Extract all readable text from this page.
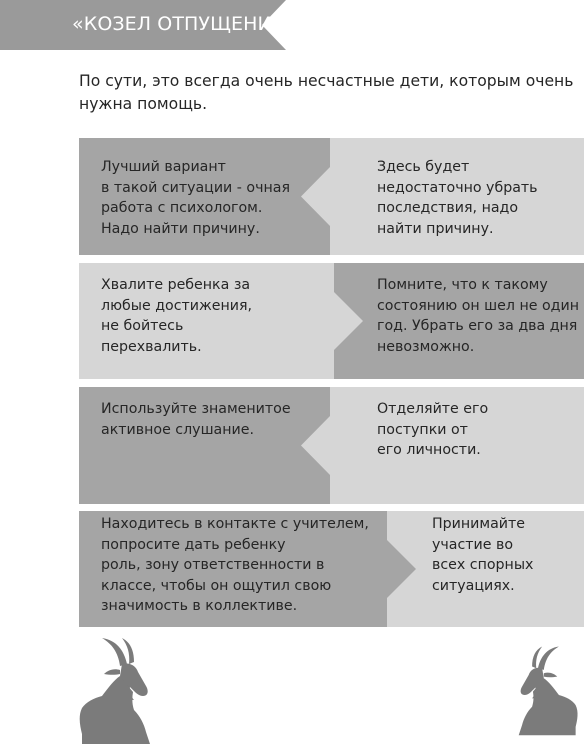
«КОЗЕЛ ОТПУЩЕНИЯ»
По сути, это всегда очень несчастные дети, которым очень нужна помощь.
Лучший вариант
в такой ситуации - очная
работа с психологом.
Надо найти причину.
Здесь будет
недостаточно убрать
последствия, надо
найти причину.
Хвалите ребенка за
любые достижения,
не бойтесь
перехвалить.
Помните, что к такому
состоянию он шел не один
год. Убрать его за два дня
невозможно.
Используйте знаменитое
активное слушание.
Отделяйте его
поступки от
его личности.
Находитесь в контакте с учителем,
попросите дать ребенку
роль, зону ответственности в
классе, чтобы он ощутил свою
значимость в коллективе.
Принимайте
участие во
всех спорных
ситуациях.
